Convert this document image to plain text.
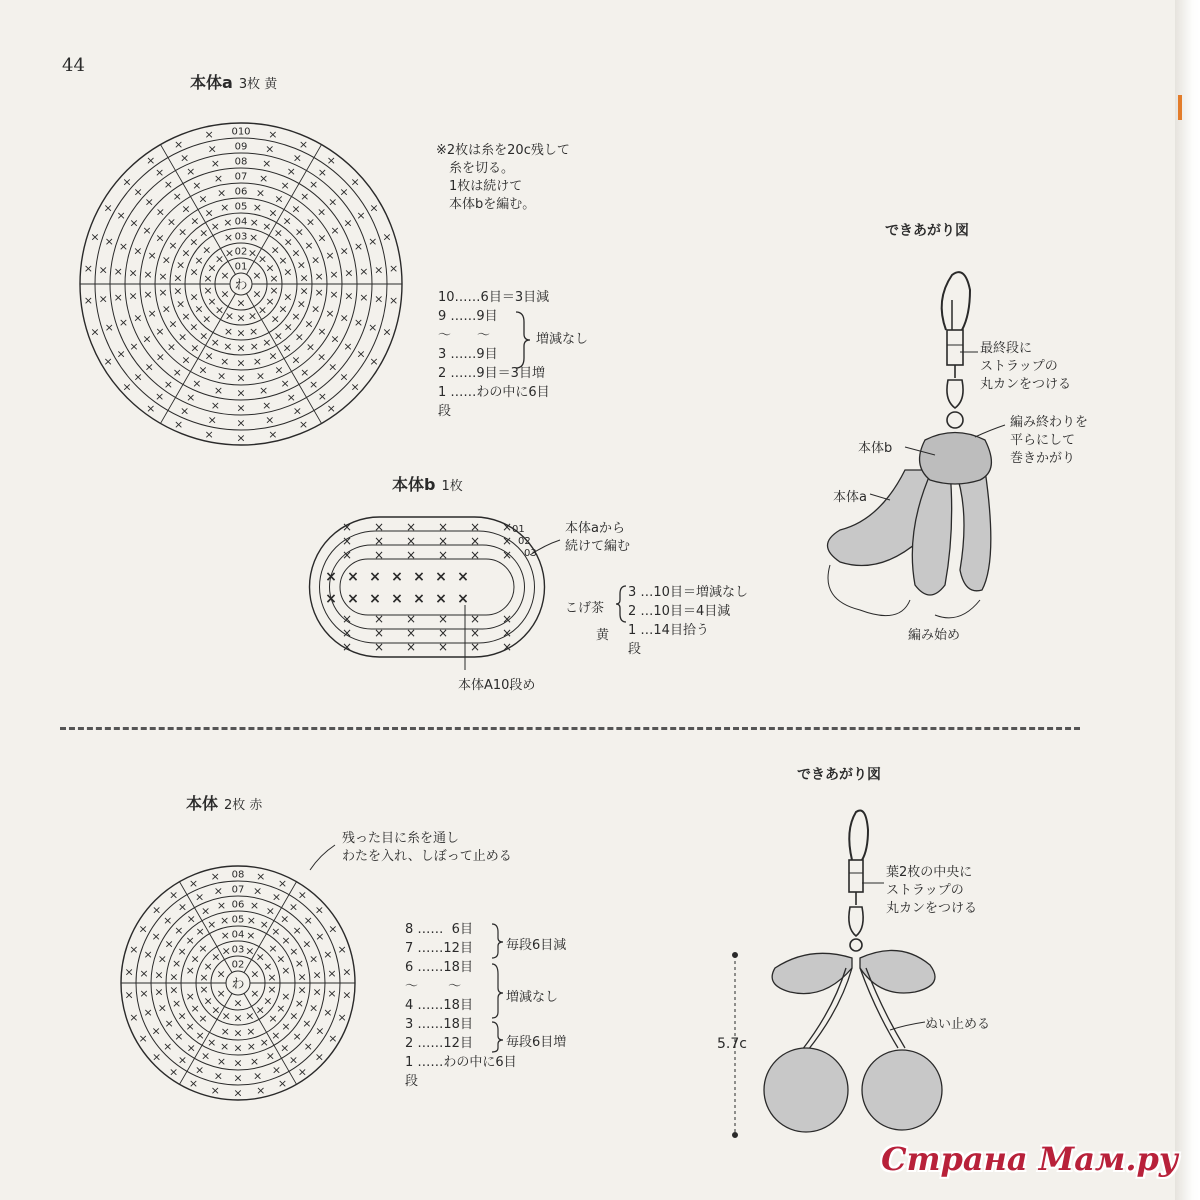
44
本体a 3枚 黄
×
×
×
×
×
01
× × ×
×
×
×
×
×
×
×
×
×
×
×
×
×
×
02
× ×
×
×
×
×
×
×
×
×
×
×
×
×
×
×
×
03
× × × ×
×
×
×
×
×
×
×
×
×
×
×
×
×
×
×
×
×
×
×
×
×
×
×
×
×
04
× × × ×
×
×
×
×
×
×
×
×
×
×
×
×
×
×
×
×
×
×
×
×
×
×
×
×
×
05
× ×	× ×
×
×
×
×
×
×
×
×
×
×
×
×
×
×
×
×
×
×
×
×
×
×
×
×
×
06
×
×	×
×
×
×
×
×
×
×
×
×
×
×
×
×
×
×
×
×
×
×
×
×
×
×
×
×
×
07
×
×	×
×
×
×
×
×
×
×
×
×
×
×
×
×
×
×
×
×
×
×
×
×
×
×
×
×
×
08
×
×	×
×
×
×
×
×
×
×
×
×
×
×
×
×
×
×
×
×
×
×
×
×
×
×
×
×
×
09
×
×	×
×
×
×
×
×
×
×
×
×
×
×
×
×
×
×
×
×
×
×
×
×
×
×
×
×
×
010
わ
※2枚は糸を20c残して
　糸を切る。
　1枚は続けて
　本体bを編む。
10……6目＝3目減
9 ……9目
～　　～
3 ……9目
2 ……9目＝3目増
1 ……わの中に6目
段
増減なし
本体b 1枚
× × × × × ×
× × × × × ×
× × × × × ×
× × × × × ×
× × × × × ×
× × × × × ×
×
×
×
×
×
×
×
×
×
×
×
×
×
×
01
02
03
本体aから
続けて編む
本体A10段め
こげ茶
黄
3 …10目＝増減なし
2 …10目＝4目減
1 …14目拾う
段
できあがり図
最終段に
ストラップの
丸カンをつける
編み終わりを
平らにして
巻きかがり
本体b
本体a
編み始め
本体 2枚 赤
残った目に糸を通し
わたを入れ、しぼって止める
×
×
×
×
×
02
× × ×
×
×
×
×
×
×
×
×
×
×
×
×
×
×
03
× ×
×
×
×
×
×
×
×
×
×
×
×
×
×
×
×
04
× × × ×
×
×
×
×
×
×
×
×
×
×
×
×
×
×
×
×
×
×
×
×
×
×
×
×
×
05
× × × ×
×
×
×
×
×
×
×
×
×
×
×
×
×
×
×
×
×
×
×
×
×
×
×
×
×
06
× ×	× ×
×
×
×
×
×
×
×
×
×
×
×
×
×
×
×
×
×
×
×
×
×
×
×
×
×
07
×
×	×
×
×
×
×
×
×
×
×
×
×
×
×
×
×
×
×
×
×
×
×
×
×
×
×
×
×
08
わ
8 ……  6目
7 ……12目
6 ……18目
～　　 ～
4 ……18目
3 ……18目
2 ……12目
1 ……わの中に6目
段
毎段6目減
増減なし
毎段6目増
できあがり図
葉2枚の中央に
ストラップの
丸カンをつける
ぬい止める
5.7c
Страна Мам.ру
